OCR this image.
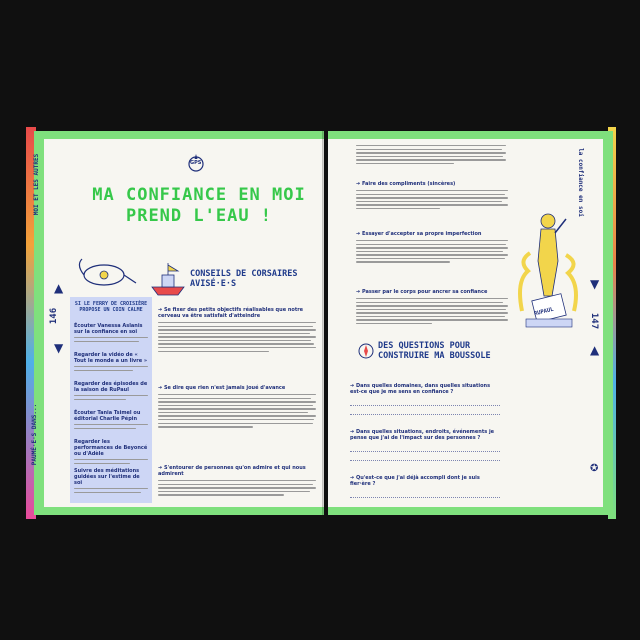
MOI ET LES AUTRES
PAUMÉ·E·S DANS...
146
▲
▼
GPS
MA CONFIANCE EN MOI PREND L'EAU !
SI LE FERRY DE CROISIÈRE PROPOSE UN COIN CALME
Écouter Vanessa Aslanis sur la confiance en soi
Regarder la vidéo de « Tout le monde a un livre »
Regarder des épisodes de la saison de RuPaul
Écouter Tania Tsimel ou éditorial Charlie Pépin
Regarder les performances de Beyoncé ou d'Adèle
Suivre des méditations guidées sur l'estime de soi
CONSEILS DE CORSAIRES AVISÉ·E·S
➔ Se fixer des petits objectifs réalisables que notre cerveau va être satisfait d'atteindre
➔ Se dire que rien n'est jamais joué d'avance
➔ S'entourer de personnes qu'on admire et qui nous admirent
la confiance en soi
147
▼
▲
✪
➔ Faire des compliments (sincères)
➔ Essayer d'accepter sa propre imperfection
➔ Passer par le corps pour ancrer sa confiance
RUPAUL
DES QUESTIONS POUR CONSTRUIRE MA BOUSSOLE
➔ Dans quelles domaines, dans quelles situations est-ce que je me sens en confiance ?
➔ Dans quelles situations, endroits, événements je pense que j'ai de l'impact sur des personnes ?
➔ Qu'est-ce que j'ai déjà accompli dont je suis fier·ère ?
